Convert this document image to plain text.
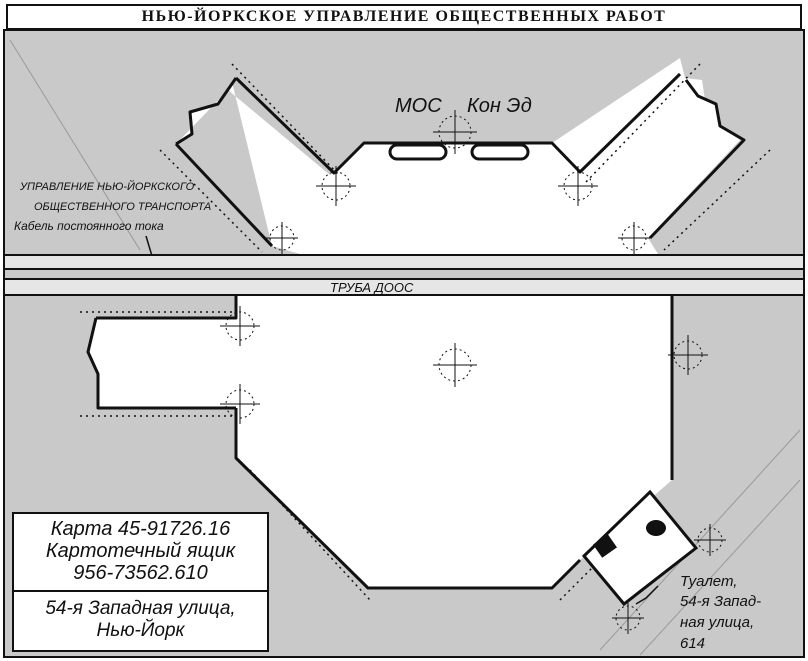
МОС Кон Эд
УПРАВЛЕНИЕ НЬЮ-ЙОРКСКОГО
ОБЩЕСТВЕННОГО ТРАНСПОРТА
Кабель постоянного тока
ТРУБА ДООС
Туалет,
54-я Запад-
ная улица,
614
НЬЮ-ЙОРКСКОЕ УПРАВЛЕНИЕ ОБЩЕСТВЕННЫХ РАБОТ
Карта 45-91726.16
Картотечный ящик
956-73562.610
54-я Западная улица,
Нью-Йорк
